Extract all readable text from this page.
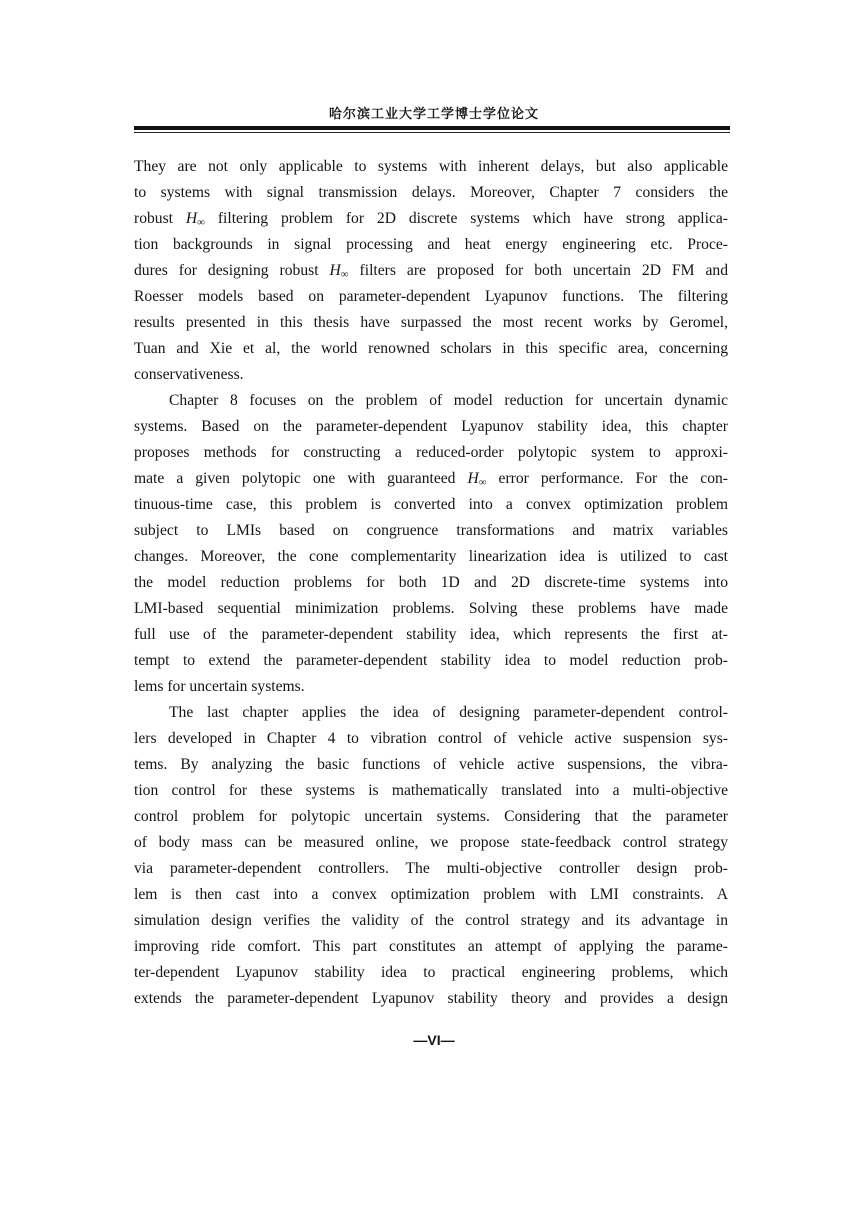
哈尔滨工业大学工学博士学位论文
They are not only applicable to systems with inherent delays, but also applicable
to systems with signal transmission delays. Moreover, Chapter 7 considers the
robust $H_\infty$ filtering problem for 2D discrete systems which have strong applica-
tion backgrounds in signal processing and heat energy engineering etc. Proce-
dures for designing robust $H_\infty$ filters are proposed for both uncertain 2D FM and
Roesser models based on parameter-dependent Lyapunov functions. The filtering
results presented in this thesis have surpassed the most recent works by Geromel,
Tuan and Xie et al, the world renowned scholars in this specific area, concerning
conservativeness.
Chapter 8 focuses on the problem of model reduction for uncertain dynamic
systems. Based on the parameter-dependent Lyapunov stability idea, this chapter
proposes methods for constructing a reduced-order polytopic system to approxi-
mate a given polytopic one with guaranteed $H_\infty$ error performance. For the con-
tinuous-time case, this problem is converted into a convex optimization problem
subject to LMIs based on congruence transformations and matrix variables
changes. Moreover, the cone complementarity linearization idea is utilized to cast
the model reduction problems for both 1D and 2D discrete-time systems into
LMI-based sequential minimization problems. Solving these problems have made
full use of the parameter-dependent stability idea, which represents the first at-
tempt to extend the parameter-dependent stability idea to model reduction prob-
lems for uncertain systems.
The last chapter applies the idea of designing parameter-dependent control-
lers developed in Chapter 4 to vibration control of vehicle active suspension sys-
tems. By analyzing the basic functions of vehicle active suspensions, the vibra-
tion control for these systems is mathematically translated into a multi-objective
control problem for polytopic uncertain systems. Considering that the parameter
of body mass can be measured online, we propose state-feedback control strategy
via parameter-dependent controllers. The multi-objective controller design prob-
lem is then cast into a convex optimization problem with LMI constraints. A
simulation design verifies the validity of the control strategy and its advantage in
improving ride comfort. This part constitutes an attempt of applying the parame-
ter-dependent Lyapunov stability idea to practical engineering problems, which
extends the parameter-dependent Lyapunov stability theory and provides a design
—VI—
